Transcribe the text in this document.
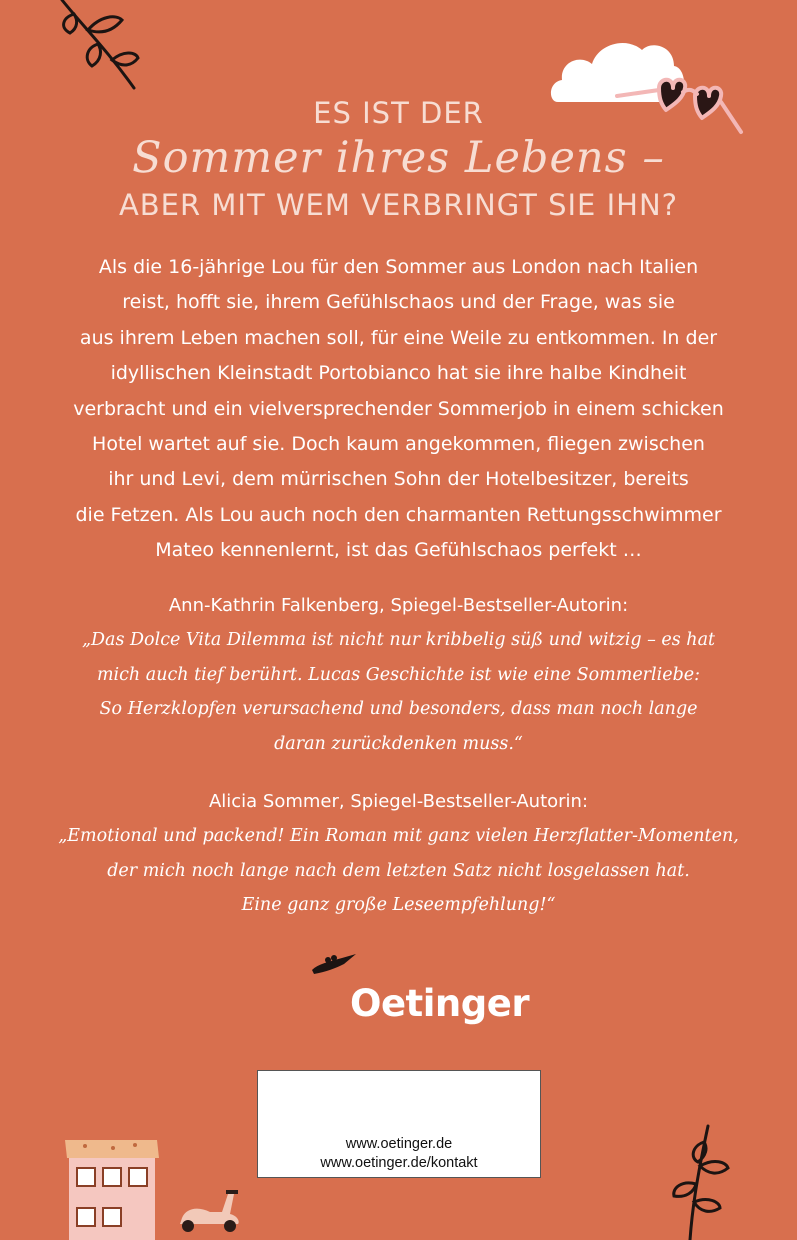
ES IST DER
Sommer ihres Lebens –
ABER MIT WEM VERBRINGT SIE IHN?
Als die 16-jährige Lou für den Sommer aus London nach Italien
reist, hofft sie, ihrem Gefühlschaos und der Frage, was sie
aus ihrem Leben machen soll, für eine Weile zu entkommen. In der
idyllischen Kleinstadt Portobianco hat sie ihre halbe Kindheit
verbracht und ein vielversprechender Sommerjob in einem schicken
Hotel wartet auf sie. Doch kaum angekommen, fliegen zwischen
ihr und Levi, dem mürrischen Sohn der Hotelbesitzer, bereits
die Fetzen. Als Lou auch noch den charmanten Rettungsschwimmer
Mateo kennenlernt, ist das Gefühlschaos perfekt …
Ann-Kathrin Falkenberg, Spiegel-Bestseller-Autorin:
„Das Dolce Vita Dilemma ist nicht nur kribbelig süß und witzig – es hat
mich auch tief berührt. Lucas Geschichte ist wie eine Sommerliebe:
So Herzklopfen verursachend und besonders, dass man noch lange
daran zurückdenken muss.“
Alicia Sommer, Spiegel-Bestseller-Autorin:
„Emotional und packend! Ein Roman mit ganz vielen Herzflatter-Momenten,
der mich noch lange nach dem letzten Satz nicht losgelassen hat.
Eine ganz große Leseempfehlung!“
Oetinger
www.oetinger.de
www.oetinger.de/kontakt
